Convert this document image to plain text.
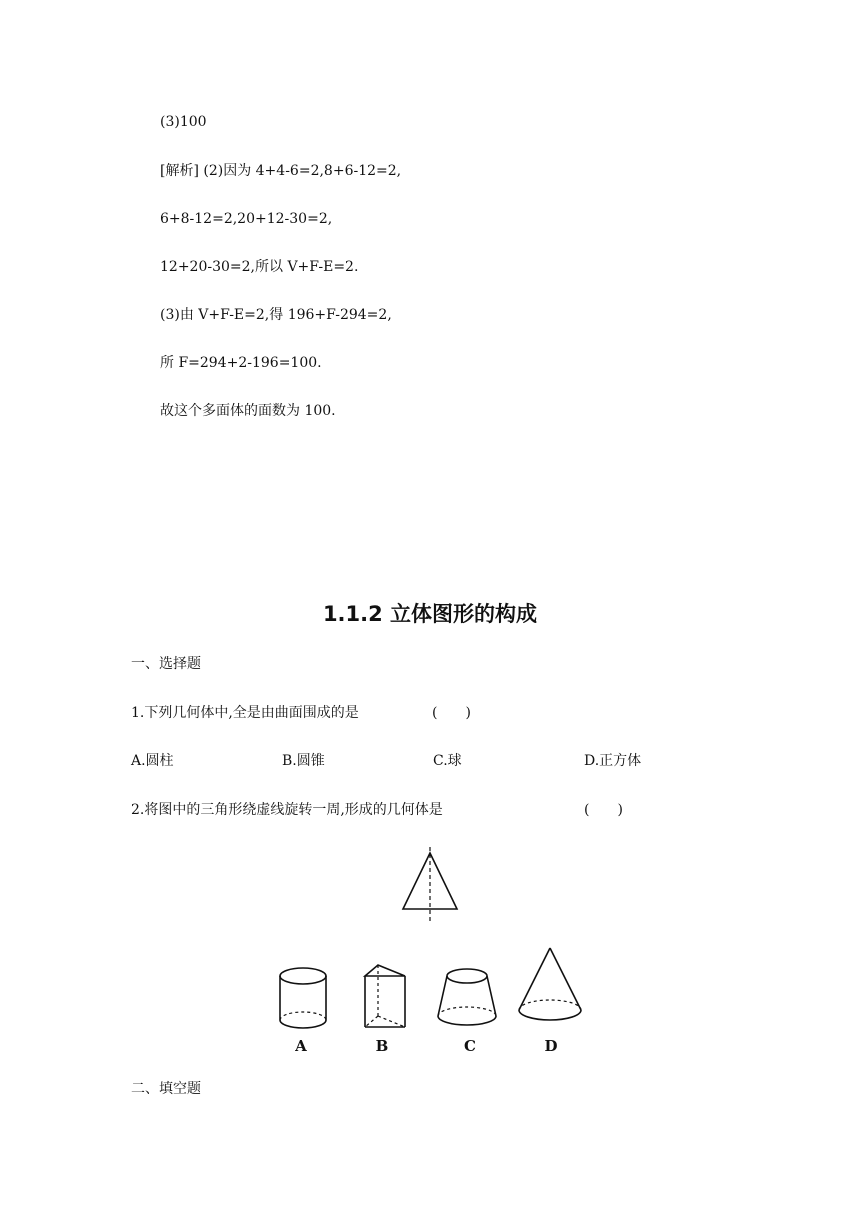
(3)100
[解析] (2)因为 4+4-6=2,8+6-12=2,
6+8-12=2,20+12-30=2,
12+20-30=2,所以 V+F-E=2.
(3)由 V+F-E=2,得 196+F-294=2,
所 F=294+2-196=100.
故这个多面体的面数为 100.
1.1.2 立体图形的构成
一、选择题
1.下列几何体中,全是由曲面围成的是	(　　)
A.圆柱	B.圆锥	C.球	D.正方体
2.将图中的三角形绕虚线旋转一周,形成的几何体是	(　　)
A	B	C	D
二、填空题
